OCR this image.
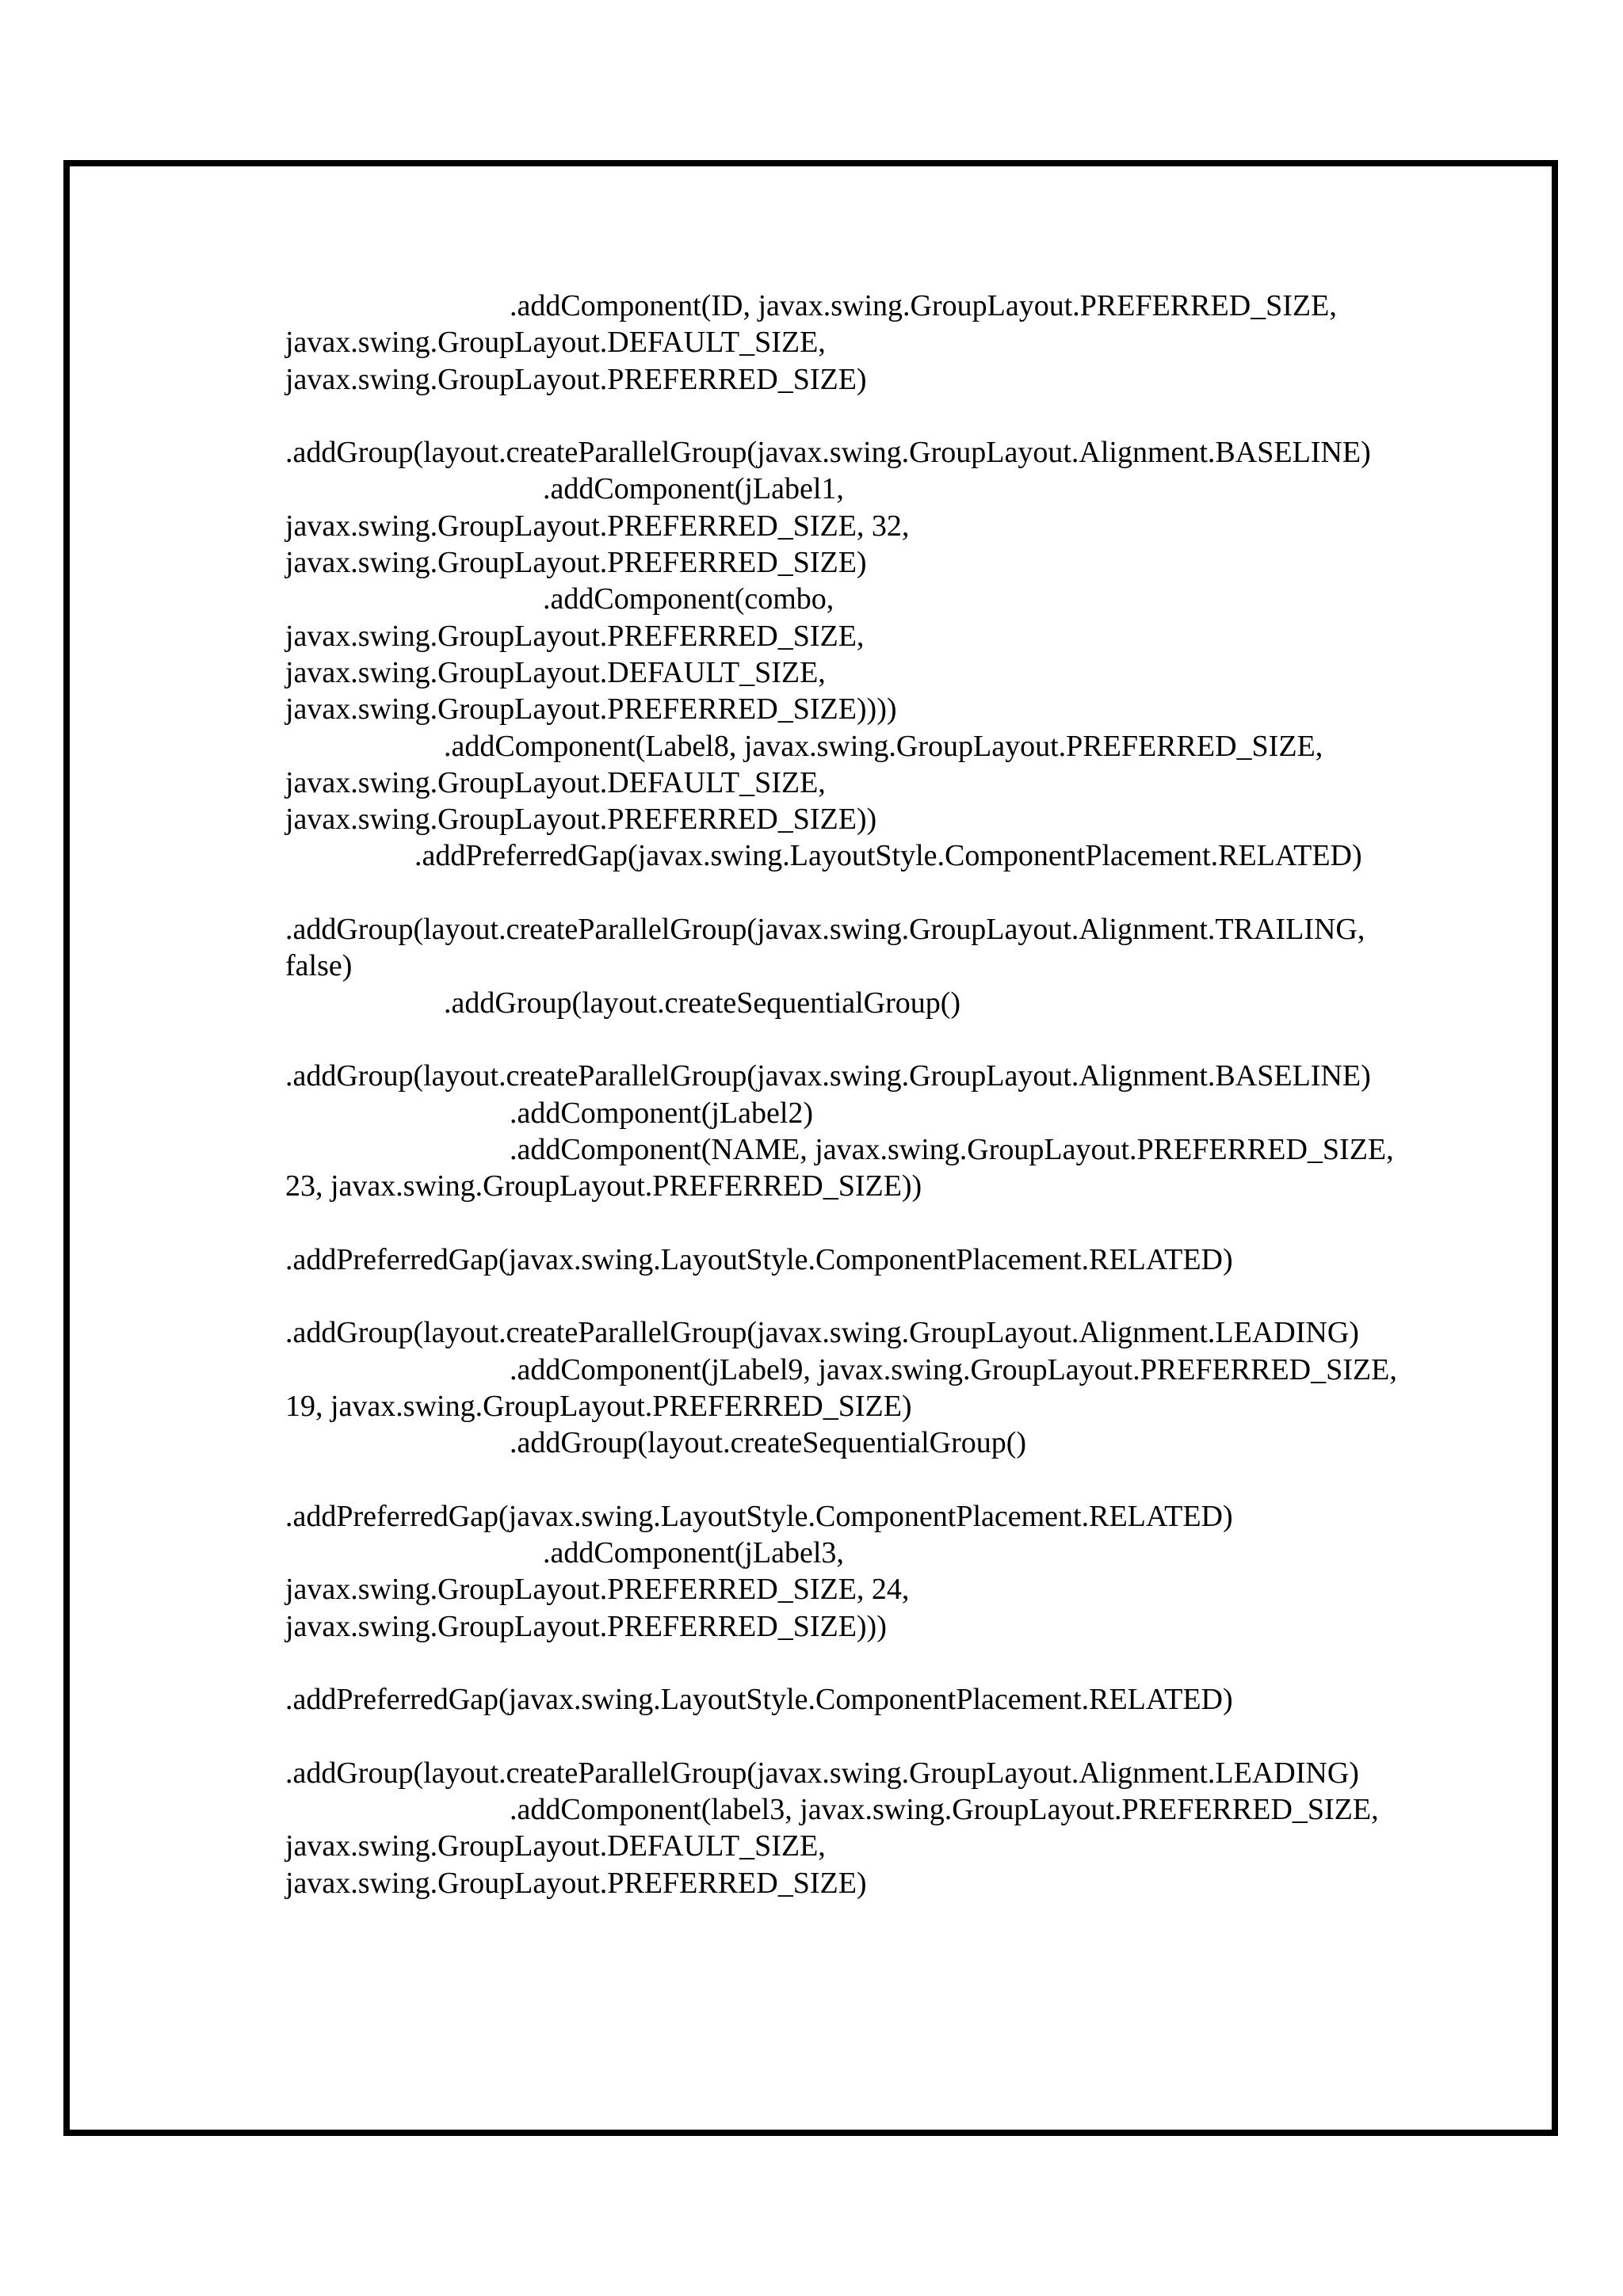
.addComponent(ID, javax.swing.GroupLayout.PREFERRED_SIZE,
javax.swing.GroupLayout.DEFAULT_SIZE,
javax.swing.GroupLayout.PREFERRED_SIZE)
.addGroup(layout.createParallelGroup(javax.swing.GroupLayout.Alignment.BASELINE)
.addComponent(jLabel1,
javax.swing.GroupLayout.PREFERRED_SIZE, 32,
javax.swing.GroupLayout.PREFERRED_SIZE)
.addComponent(combo,
javax.swing.GroupLayout.PREFERRED_SIZE,
javax.swing.GroupLayout.DEFAULT_SIZE,
javax.swing.GroupLayout.PREFERRED_SIZE))))
.addComponent(Label8, javax.swing.GroupLayout.PREFERRED_SIZE,
javax.swing.GroupLayout.DEFAULT_SIZE,
javax.swing.GroupLayout.PREFERRED_SIZE))
.addPreferredGap(javax.swing.LayoutStyle.ComponentPlacement.RELATED)
.addGroup(layout.createParallelGroup(javax.swing.GroupLayout.Alignment.TRAILING,
false)
.addGroup(layout.createSequentialGroup()
.addGroup(layout.createParallelGroup(javax.swing.GroupLayout.Alignment.BASELINE)
.addComponent(jLabel2)
.addComponent(NAME, javax.swing.GroupLayout.PREFERRED_SIZE,
23, javax.swing.GroupLayout.PREFERRED_SIZE))
.addPreferredGap(javax.swing.LayoutStyle.ComponentPlacement.RELATED)
.addGroup(layout.createParallelGroup(javax.swing.GroupLayout.Alignment.LEADING)
.addComponent(jLabel9, javax.swing.GroupLayout.PREFERRED_SIZE,
19, javax.swing.GroupLayout.PREFERRED_SIZE)
.addGroup(layout.createSequentialGroup()
.addPreferredGap(javax.swing.LayoutStyle.ComponentPlacement.RELATED)
.addComponent(jLabel3,
javax.swing.GroupLayout.PREFERRED_SIZE, 24,
javax.swing.GroupLayout.PREFERRED_SIZE)))
.addPreferredGap(javax.swing.LayoutStyle.ComponentPlacement.RELATED)
.addGroup(layout.createParallelGroup(javax.swing.GroupLayout.Alignment.LEADING)
.addComponent(label3, javax.swing.GroupLayout.PREFERRED_SIZE,
javax.swing.GroupLayout.DEFAULT_SIZE,
javax.swing.GroupLayout.PREFERRED_SIZE)
